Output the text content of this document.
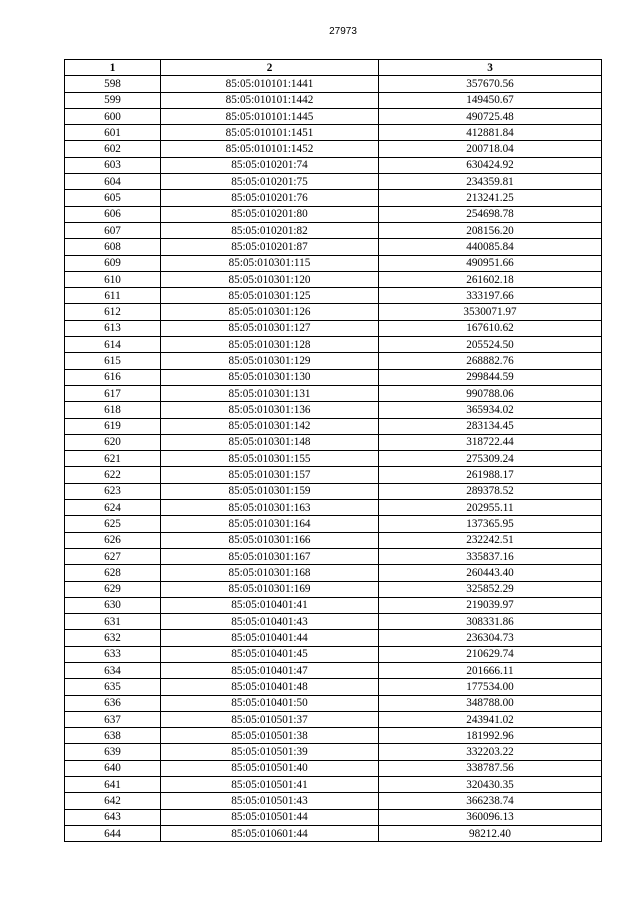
27973
1	2	3
598	85:05:010101:1441	357670.56
599	85:05:010101:1442	149450.67
600	85:05:010101:1445	490725.48
601	85:05:010101:1451	412881.84
602	85:05:010101:1452	200718.04
603	85:05:010201:74	630424.92
604	85:05:010201:75	234359.81
605	85:05:010201:76	213241.25
606	85:05:010201:80	254698.78
607	85:05:010201:82	208156.20
608	85:05:010201:87	440085.84
609	85:05:010301:115	490951.66
610	85:05:010301:120	261602.18
611	85:05:010301:125	333197.66
612	85:05:010301:126	3530071.97
613	85:05:010301:127	167610.62
614	85:05:010301:128	205524.50
615	85:05:010301:129	268882.76
616	85:05:010301:130	299844.59
617	85:05:010301:131	990788.06
618	85:05:010301:136	365934.02
619	85:05:010301:142	283134.45
620	85:05:010301:148	318722.44
621	85:05:010301:155	275309.24
622	85:05:010301:157	261988.17
623	85:05:010301:159	289378.52
624	85:05:010301:163	202955.11
625	85:05:010301:164	137365.95
626	85:05:010301:166	232242.51
627	85:05:010301:167	335837.16
628	85:05:010301:168	260443.40
629	85:05:010301:169	325852.29
630	85:05:010401:41	219039.97
631	85:05:010401:43	308331.86
632	85:05:010401:44	236304.73
633	85:05:010401:45	210629.74
634	85:05:010401:47	201666.11
635	85:05:010401:48	177534.00
636	85:05:010401:50	348788.00
637	85:05:010501:37	243941.02
638	85:05:010501:38	181992.96
639	85:05:010501:39	332203.22
640	85:05:010501:40	338787.56
641	85:05:010501:41	320430.35
642	85:05:010501:43	366238.74
643	85:05:010501:44	360096.13
644	85:05:010601:44	98212.40
